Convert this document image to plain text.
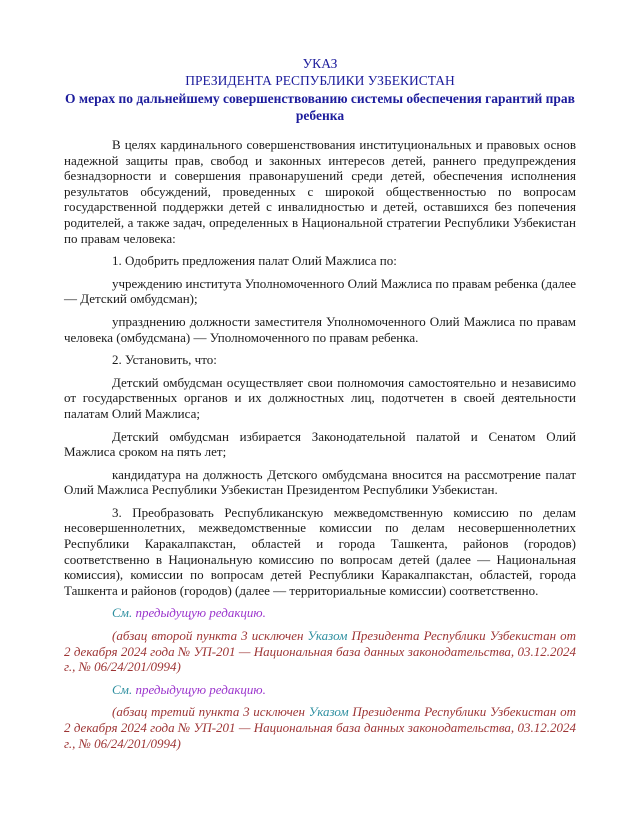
УКАЗ
ПРЕЗИДЕНТА РЕСПУБЛИКИ УЗБЕКИСТАН
О мерах по дальнейшему совершенствованию системы обеспечения гарантий прав ребенка

В целях кардинального совершенствования институциональных и правовых основ надежной защиты прав, свобод и законных интересов детей, раннего предупреждения безнадзорности и совершения правонарушений среди детей, обеспечения исполнения результатов обсуждений, проведенных с широкой общественностью по вопросам государственной поддержки детей с инвалидностью и детей, оставшихся без попечения родителей, а также задач, определенных в Национальной стратегии Республики Узбекистан по правам человека:

1. Одобрить предложения палат Олий Мажлиса по:

учреждению института Уполномоченного Олий Мажлиса по правам ребенка (далее — Детский омбудсман);

упразднению должности заместителя Уполномоченного Олий Мажлиса по правам человека (омбудсмана) — Уполномоченного по правам ребенка.

2. Установить, что:

Детский омбудсман осуществляет свои полномочия самостоятельно и независимо от государственных органов и их должностных лиц, подотчетен в своей деятельности палатам Олий Мажлиса;

Детский омбудсман избирается Законодательной палатой и Сенатом Олий Мажлиса сроком на пять лет;

кандидатура на должность Детского омбудсмана вносится на рассмотрение палат Олий Мажлиса Республики Узбекистан Президентом Республики Узбекистан.

3. Преобразовать Республиканскую межведомственную комиссию по делам несовершеннолетних, межведомственные комиссии по делам несовершеннолетних Республики Каракалпакстан, областей и города Ташкента, районов (городов) соответственно в Национальную комиссию по вопросам детей (далее — Национальная комиссия), комиссии по вопросам детей Республики Каракалпакстан, областей, города Ташкента и районов (городов) (далее — территориальные комиссии) соответственно.

См. предыдущую редакцию.

(абзац второй пункта 3 исключен Указом Президента Республики Узбекистан от 2 декабря 2024 года № УП-201 — Национальная база данных законодательства, 03.12.2024 г., № 06/24/201/0994)

См. предыдущую редакцию.

(абзац третий пункта 3 исключен Указом Президента Республики Узбекистан от 2 декабря 2024 года № УП-201 — Национальная база данных законодательства, 03.12.2024 г., № 06/24/201/0994)
